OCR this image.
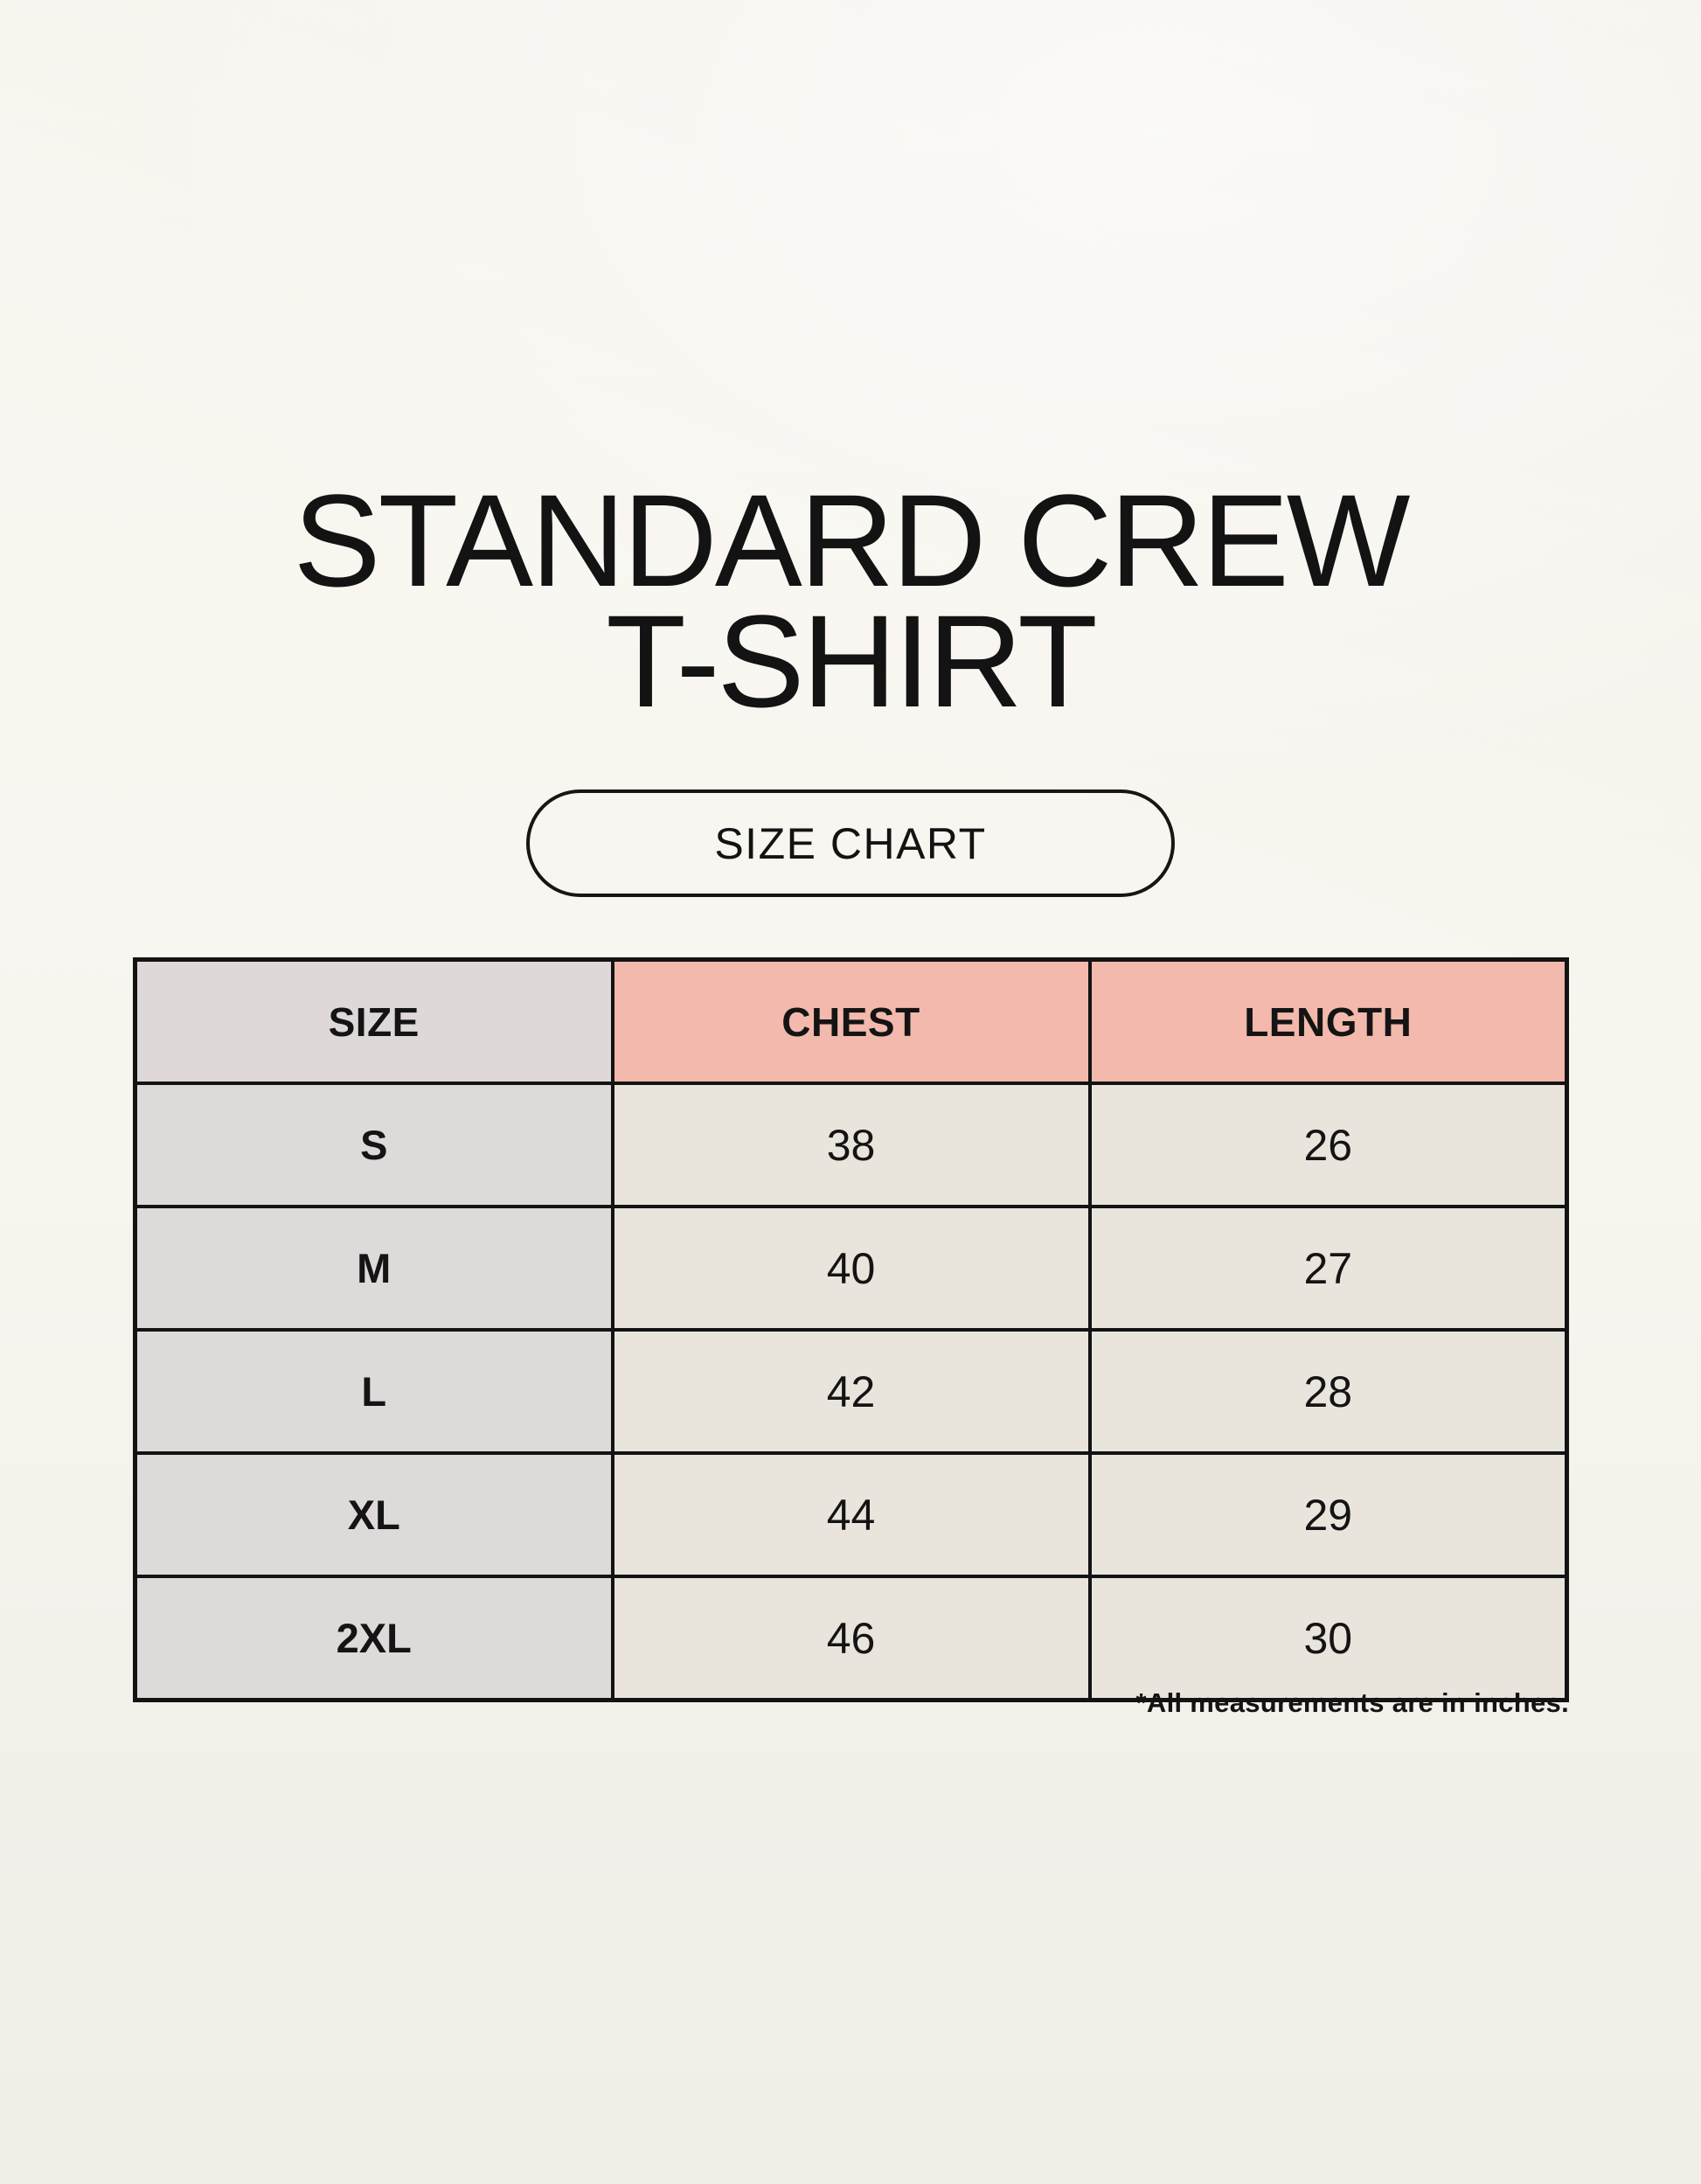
STANDARD CREW
T-SHIRT
SIZE CHART
SIZE	CHEST	LENGTH
S	38	26
M	40	27
L	42	28
XL	44	29
2XL	46	30
*All measurements are in inches.
